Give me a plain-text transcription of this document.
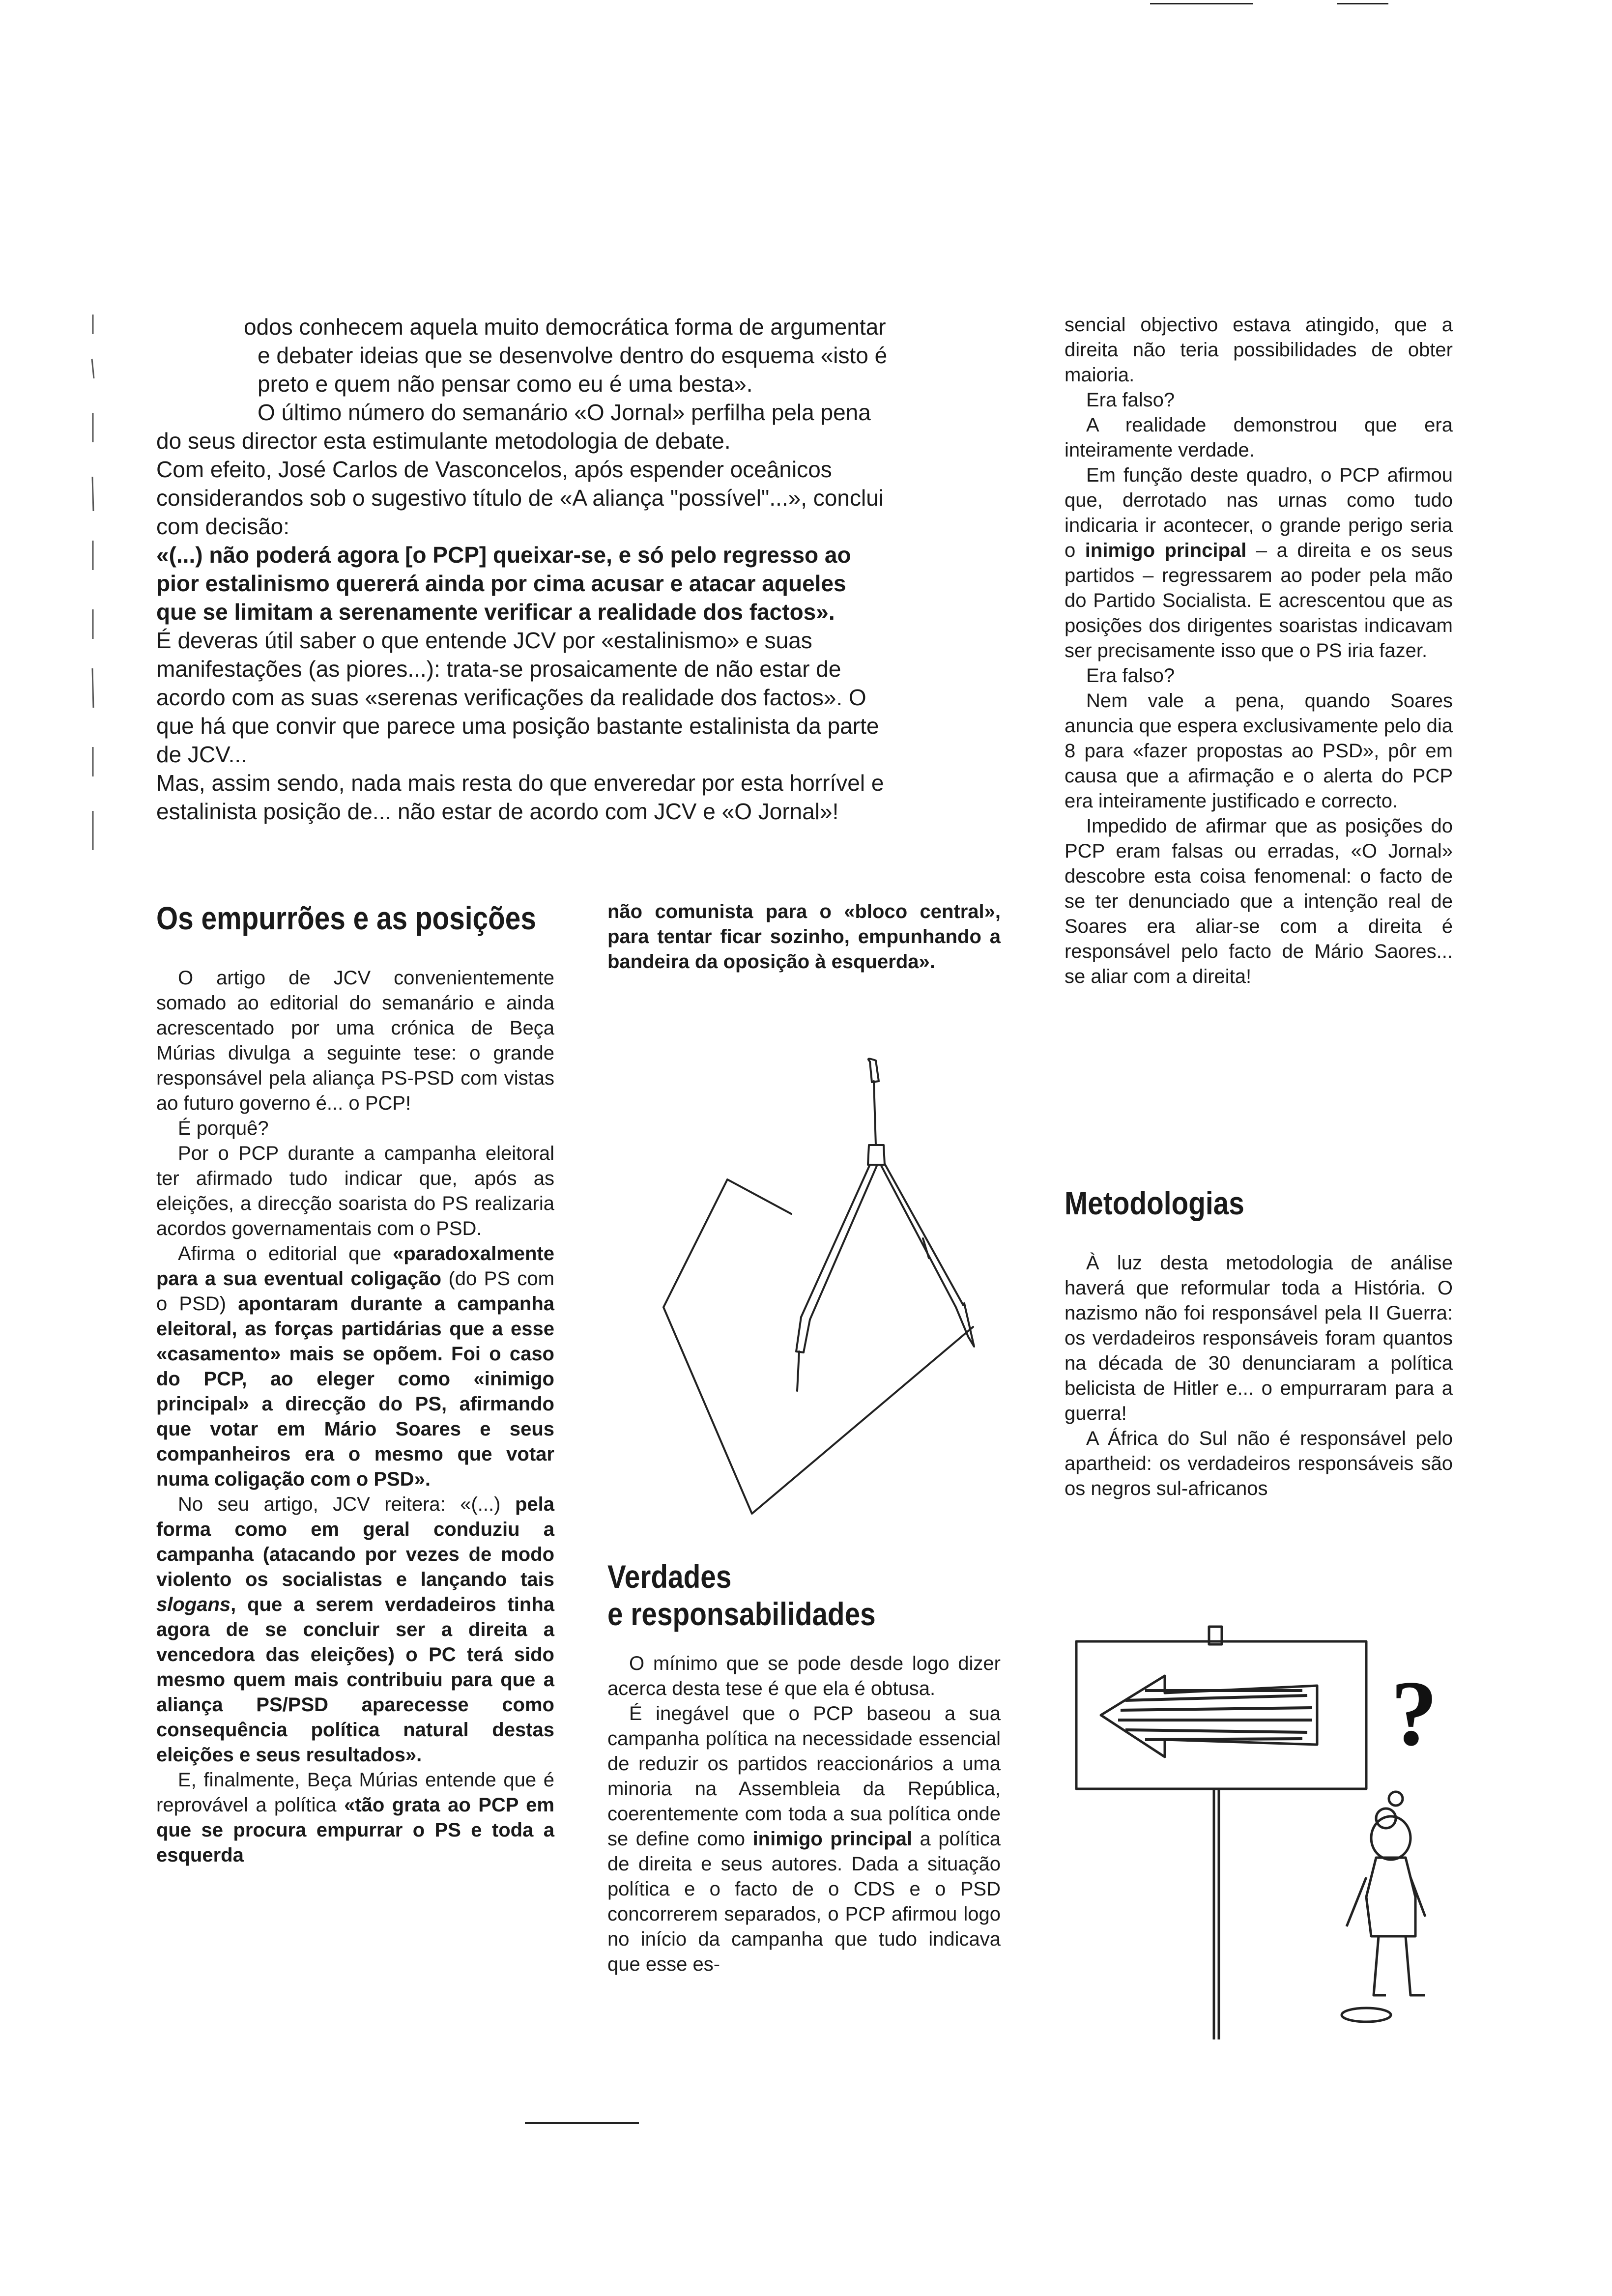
odos conhecem aquela muito democrática forma de argumentar
e debater ideias que se desenvolve dentro do esquema «isto é
preto e quem não pensar como eu é uma besta».
O último número do semanário «O Jornal» perfilha pela pena
do seus director esta estimulante metodologia de debate.
Com efeito, José Carlos de Vasconcelos, após espender oceânicos
considerandos sob o sugestivo título de «A aliança "possível"...», conclui
com decisão:
«(...) não poderá agora [o PCP] queixar-se, e só pelo regresso ao
pior estalinismo quererá ainda por cima acusar e atacar aqueles
que se limitam a serenamente verificar a realidade dos factos».
É deveras útil saber o que entende JCV por «estalinismo» e suas
manifestações (as piores...): trata-se prosaicamente de não estar de
acordo com as suas «serenas verificações da realidade dos factos». O
que há que convir que parece uma posição bastante estalinista da parte
de JCV...
Mas, assim sendo, nada mais resta do que enveredar por esta horrível e
estalinista posição de... não estar de acordo com JCV e «O Jornal»!
Os empurrões e as posições

O artigo de JCV convenientemente somado ao editorial do semanário e ainda acrescentado por uma crónica de Beça Múrias divulga a seguinte tese: o grande responsável pela aliança PS-PSD com vistas ao futuro governo é... o PCP!

É porquê?

Por o PCP durante a campanha eleitoral ter afirmado tudo indicar que, após as eleições, a direcção soarista do PS realizaria acordos governamentais com o PSD.

Afirma o editorial que «paradoxalmente para a sua eventual coligação (do PS com o PSD) apontaram durante a campanha eleitoral, as forças partidárias que a esse «casamento» mais se opõem. Foi o caso do PCP, ao eleger como «inimigo principal» a direcção do PS, afirmando que votar em Mário Soares e seus companheiros era o mesmo que votar numa coligação com o PSD».

No seu artigo, JCV reitera: «(...) pela forma como em geral conduziu a campanha (atacando por vezes de modo violento os socialistas e lançando tais slogans, que a serem verdadeiros tinha agora de se concluir ser a direita a vencedora das eleições) o PC terá sido mesmo quem mais contribuiu para que a aliança PS/PSD aparecesse como consequência política natural destas eleições e seus resultados».

E, finalmente, Beça Múrias entende que é reprovável a política «tão grata ao PCP em que se procura empurrar o PS e toda a esquerda

não comunista para o «bloco central», para tentar ficar sozinho, empunhando a bandeira da oposição à esquerda».

Verdades
e responsabilidades

O mínimo que se pode desde logo dizer acerca desta tese é que ela é obtusa.

É inegável que o PCP baseou a sua campanha política na necessidade essencial de reduzir os partidos reaccionários a uma minoria na Assembleia da República, coerentemente com toda a sua política onde se define como inimigo principal a política de direita e seus autores. Dada a situação política e o facto de o CDS e o PSD concorrerem separados, o PCP afirmou logo no início da campanha que tudo indicava que esse es-

sencial objectivo estava atingido, que a direita não teria possibilidades de obter maioria.

Era falso?

A realidade demonstrou que era inteiramente verdade.

Em função deste quadro, o PCP afirmou que, derrotado nas urnas como tudo indicaria ir acontecer, o grande perigo seria o inimigo principal – a direita e os seus partidos – regressarem ao poder pela mão do Partido Socialista. E acrescentou que as posições dos dirigentes soaristas indicavam ser precisamente isso que o PS iria fazer.

Era falso?

Nem vale a pena, quando Soares anuncia que espera exclusivamente pelo dia 8 para «fazer propostas ao PSD», pôr em causa que a afirmação e o alerta do PCP era inteiramente justificado e correcto.

Impedido de afirmar que as posições do PCP eram falsas ou erradas, «O Jornal» descobre esta coisa fenomenal: o facto de se ter denunciado que a intenção real de Soares era aliar-se com a direita é responsável pelo facto de Mário Saores... se aliar com a direita!

Metodologias

À luz desta metodologia de análise haverá que reformular toda a História. O nazismo não foi responsável pela II Guerra: os verdadeiros responsáveis foram quantos na década de 30 denunciaram a política belicista de Hitler e... o empurraram para a guerra!

A África do Sul não é responsável pelo apartheid: os verdadeiros responsáveis são os negros sul-africanos

?
